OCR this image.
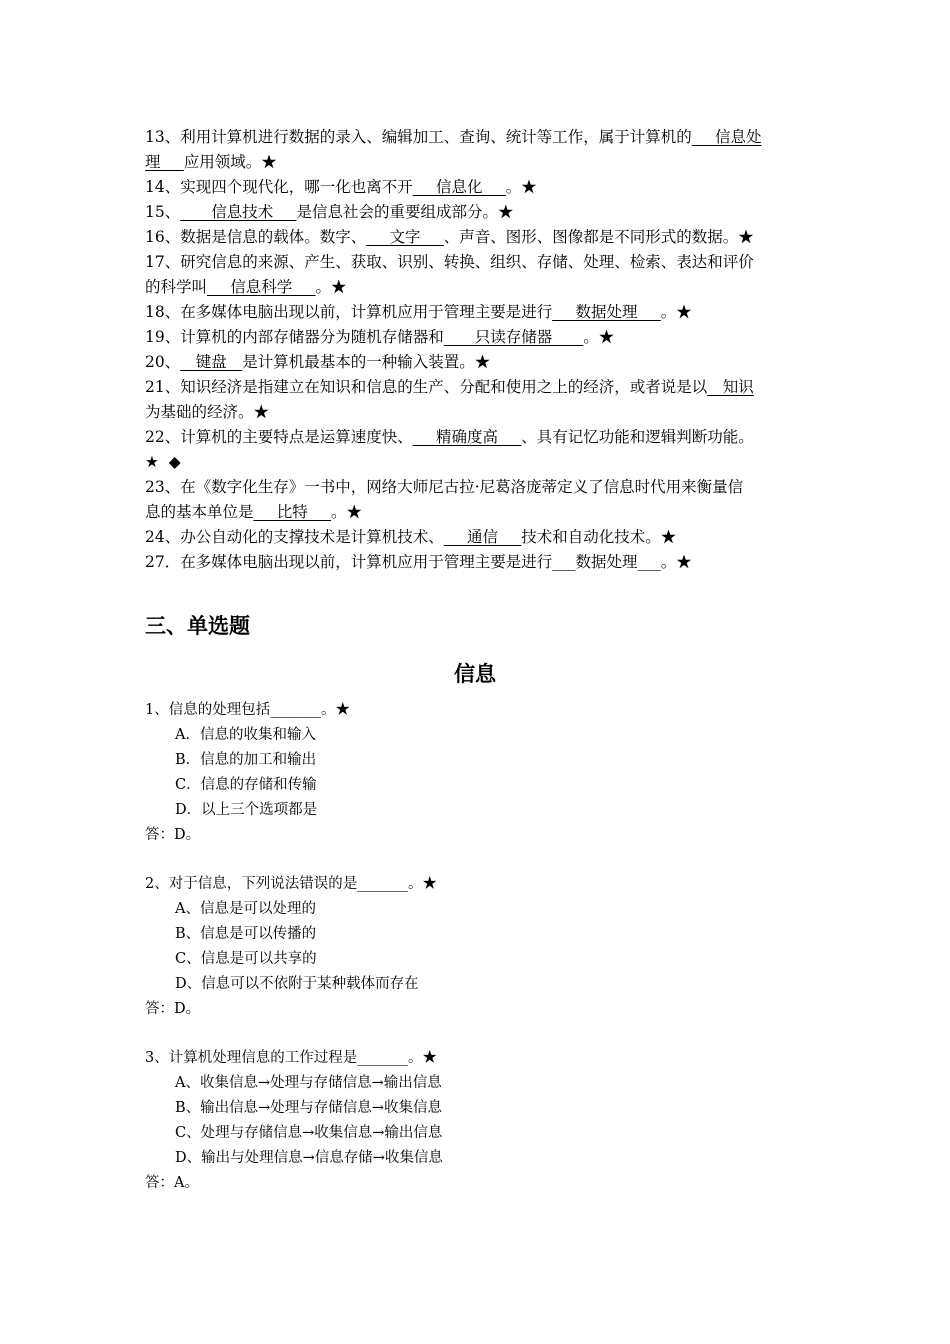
13、利用计算机进行数据的录入、编辑加工、查询、统计等工作，属于计算机的___信息处
理___应用领域。★
14、实现四个现代化，哪一化也离不开___信息化___。★
15、____信息技术___是信息社会的重要组成部分。★
16、数据是信息的载体。数字、___文字___、声音、图形、图像都是不同形式的数据。★
17、研究信息的来源、产生、获取、识别、转换、组织、存储、处理、检索、表达和评价
的科学叫___信息科学___。★
18、在多媒体电脑出现以前，计算机应用于管理主要是进行___数据处理___。★
19、计算机的内部存储器分为随机存储器和____只读存储器____。★
20、__键盘__是计算机最基本的一种输入装置。★
21、知识经济是指建立在知识和信息的生产、分配和使用之上的经济，或者说是以__知识
为基础的经济。★
22、计算机的主要特点是运算速度快、___精确度高___、具有记忆功能和逻辑判断功能。
★  ◆
23、在《数字化生存》一书中，网络大师尼古拉·尼葛洛庞蒂定义了信息时代用来衡量信
息的基本单位是___比特___。★
24、办公自动化的支撑技术是计算机技术、___通信___技术和自动化技术。★
27．在多媒体电脑出现以前，计算机应用于管理主要是进行___数据处理___。★
三、单选题
信息
1、信息的处理包括_______。★
A．信息的收集和输入
B．信息的加工和输出
C．信息的存储和传输
D．以上三个选项都是
答：D。
2、对于信息，下列说法错误的是_______。★
A、信息是可以处理的
B、信息是可以传播的
C、信息是可以共享的
D、信息可以不依附于某种载体而存在
答：D。
3、计算机处理信息的工作过程是_______。★
A、收集信息→处理与存储信息→输出信息
B、输出信息→处理与存储信息→收集信息
C、处理与存储信息→收集信息→输出信息
D、输出与处理信息→信息存储→收集信息
答：A。
